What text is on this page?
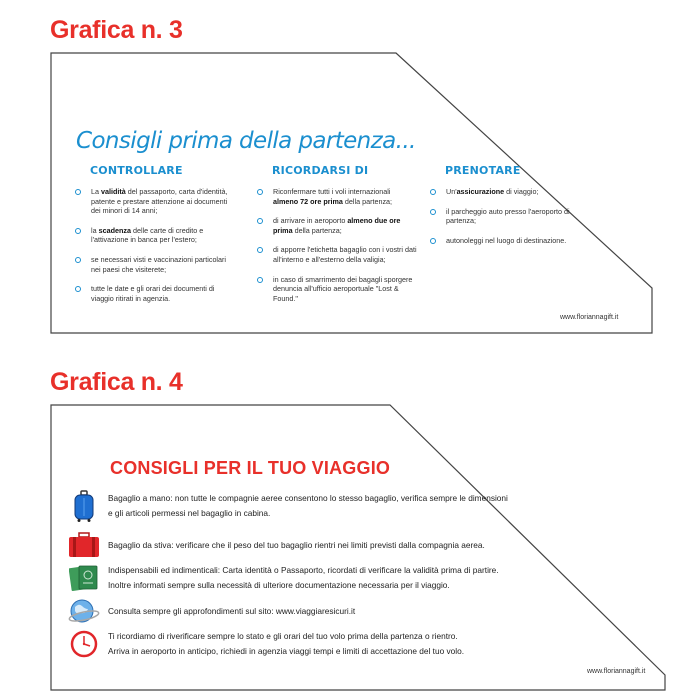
Grafica n. 3
Consigli prima della partenza...
CONTROLLARE
La validità del passaporto, carta d'identità, patente e prestare attenzione ai documenti dei minori di 14 anni;
la scadenza delle carte di credito e l'attivazione in banca per l'estero;
se necessari visti e vaccinazioni particolari nei paesi che visiterete;
tutte le date e gli orari dei documenti di viaggio ritirati in agenzia.
RICORDARSI DI
Riconfermare tutti i voli internazionali almeno 72 ore prima della partenza;
di arrivare in aeroporto almeno due ore prima della partenza;
di apporre l'etichetta bagaglio con i vostri dati all'interno e all'esterno della valigia;
in caso di smarrimento dei bagagli sporgere denuncia all'ufficio aeroportuale "Lost & Found."
PRENOTARE
Un'assicurazione di viaggio;
il parcheggio auto presso l'aeroporto di partenza;
autonoleggi nel luogo di destinazione.
www.floriannagift.it
Grafica n. 4
CONSIGLI PER IL TUO VIAGGIO
Bagaglio a mano: non tutte le compagnie aeree consentono lo stesso bagaglio, verifica sempre le dimensioni
e gli articoli permessi nel bagaglio in cabina.
Bagaglio da stiva: verificare che il peso del tuo bagaglio rientri nei limiti previsti dalla compagnia aerea.
Indispensabili ed indimenticali: Carta identità o Passaporto, ricordati di verificare la validità prima di partire.
Inoltre informati sempre sulla necessità di ulteriore documentazione necessaria per il viaggio.
Consulta sempre gli approfondimenti sul sito: www.viaggiaresicuri.it
Ti ricordiamo di riverificare sempre lo stato e gli orari del tuo volo prima della partenza o rientro.
Arriva in aeroporto in anticipo, richiedi in agenzia viaggi tempi e limiti di accettazione del tuo volo.
www.floriannagift.it
